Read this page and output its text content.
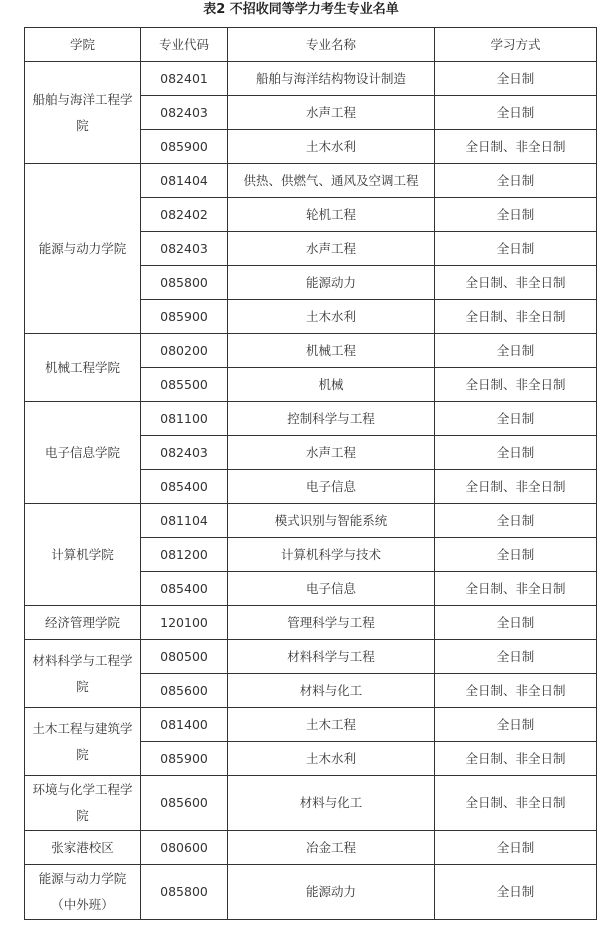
表2 不招收同等学力考生专业名单
学院	专业代码	专业名称	学习方式
船舶与海洋工程学院	082401	船舶与海洋结构物设计制造	全日制
	082403	水声工程	全日制
	085900	土木水利	全日制、非全日制
能源与动力学院	081404	供热、供燃气、通风及空调工程	全日制
	082402	轮机工程	全日制
	082403	水声工程	全日制
	085800	能源动力	全日制、非全日制
	085900	土木水利	全日制、非全日制
机械工程学院	080200	机械工程	全日制
	085500	机械	全日制、非全日制
电子信息学院	081100	控制科学与工程	全日制
	082403	水声工程	全日制
	085400	电子信息	全日制、非全日制
计算机学院	081104	模式识别与智能系统	全日制
	081200	计算机科学与技术	全日制
	085400	电子信息	全日制、非全日制
经济管理学院	120100	管理科学与工程	全日制
材料科学与工程学院	080500	材料科学与工程	全日制
	085600	材料与化工	全日制、非全日制
土木工程与建筑学院	081400	土木工程	全日制
	085900	土木水利	全日制、非全日制
环境与化学工程学院	085600	材料与化工	全日制、非全日制
张家港校区	080600	冶金工程	全日制
能源与动力学院（中外班）	085800	能源动力	全日制
